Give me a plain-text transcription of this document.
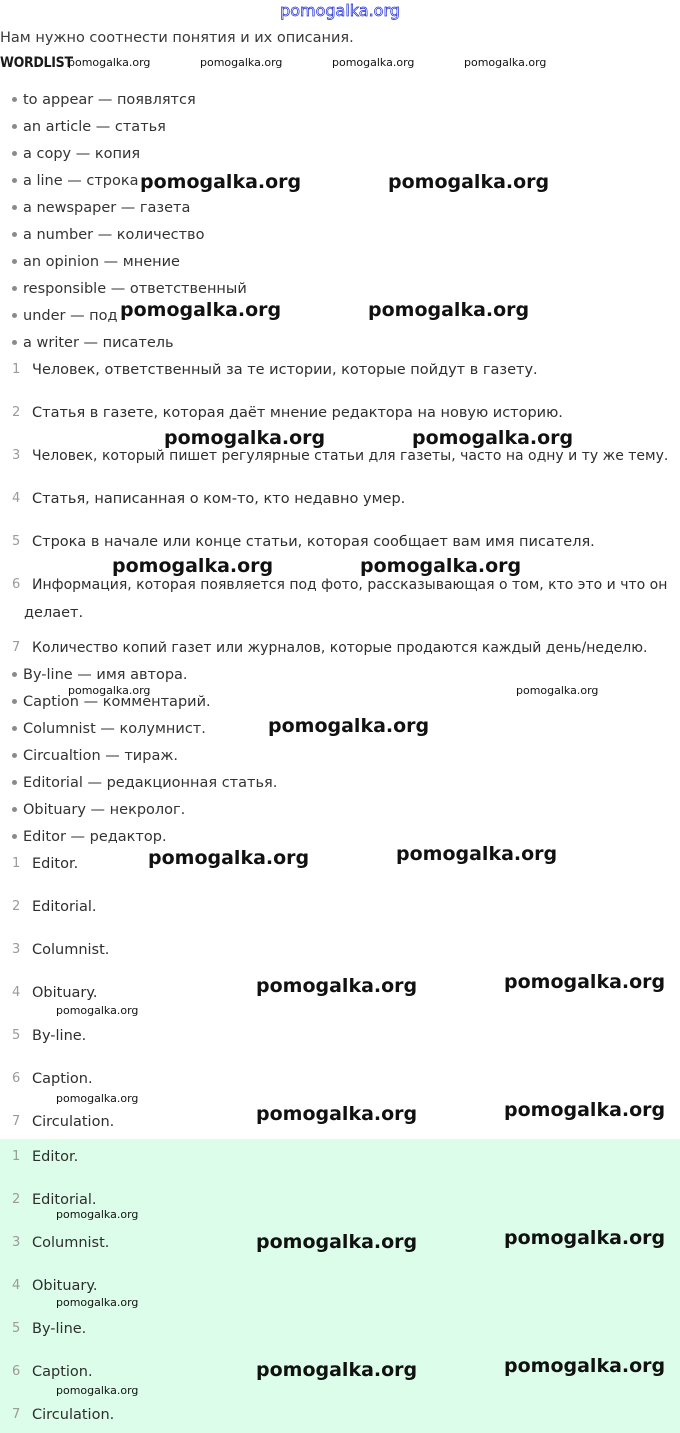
pomogalka.org
Нам нужно соотнести понятия и их описания.
WORDLIST
to appear — появлятся
an article — статья
a copy — копия
a line — строка
a newspaper — газета
a number — количество
an opinion — мнение
responsible — ответственный
under — под
a writer — писатель
1 Человек, ответственный за те истории, которые пойдут в газету.
2 Статья в газете, которая даёт мнение редактора на новую историю.
3 Человек, который пишет регулярные статьи для газеты, часто на одну и ту же тему.
4 Статья, написанная о ком-то, кто недавно умер.
5 Строка в начале или конце статьи, которая сообщает вам имя писателя.
6 Информация, которая появляется под фото, рассказывающая о том, кто это и что он
делает.
7 Количество копий газет или журналов, которые продаются каждый день/неделю.
By-line — имя автора.
Caption — комментарий.
Columnist — колумнист.
Circualtion — тираж.
Editorial — редакционная статья.
Obituary — некролог.
Editor — редактор.
1 Editor.
2 Editorial.
3 Columnist.
4 Obituary.
5 By-line.
6 Caption.
7 Circulation.
1 Editor.
2 Editorial.
3 Columnist.
4 Obituary.
5 By-line.
6 Caption.
7 Circulation.
pomogalka.org	pomogalka.org	pomogalka.org	pomogalka.org
pomogalka.org	pomogalka.org
pomogalka.org
pomogalka.org
pomogalka.org
pomogalka.org
pomogalka.org
pomogalka.org	pomogalka.org
pomogalka.org	pomogalka.org
pomogalka.org	pomogalka.org
pomogalka.org	pomogalka.org
pomogalka.org
pomogalka.org	pomogalka.org
pomogalka.org	pomogalka.org
pomogalka.org	pomogalka.org
pomogalka.org	pomogalka.org
pomogalka.org	pomogalka.org
